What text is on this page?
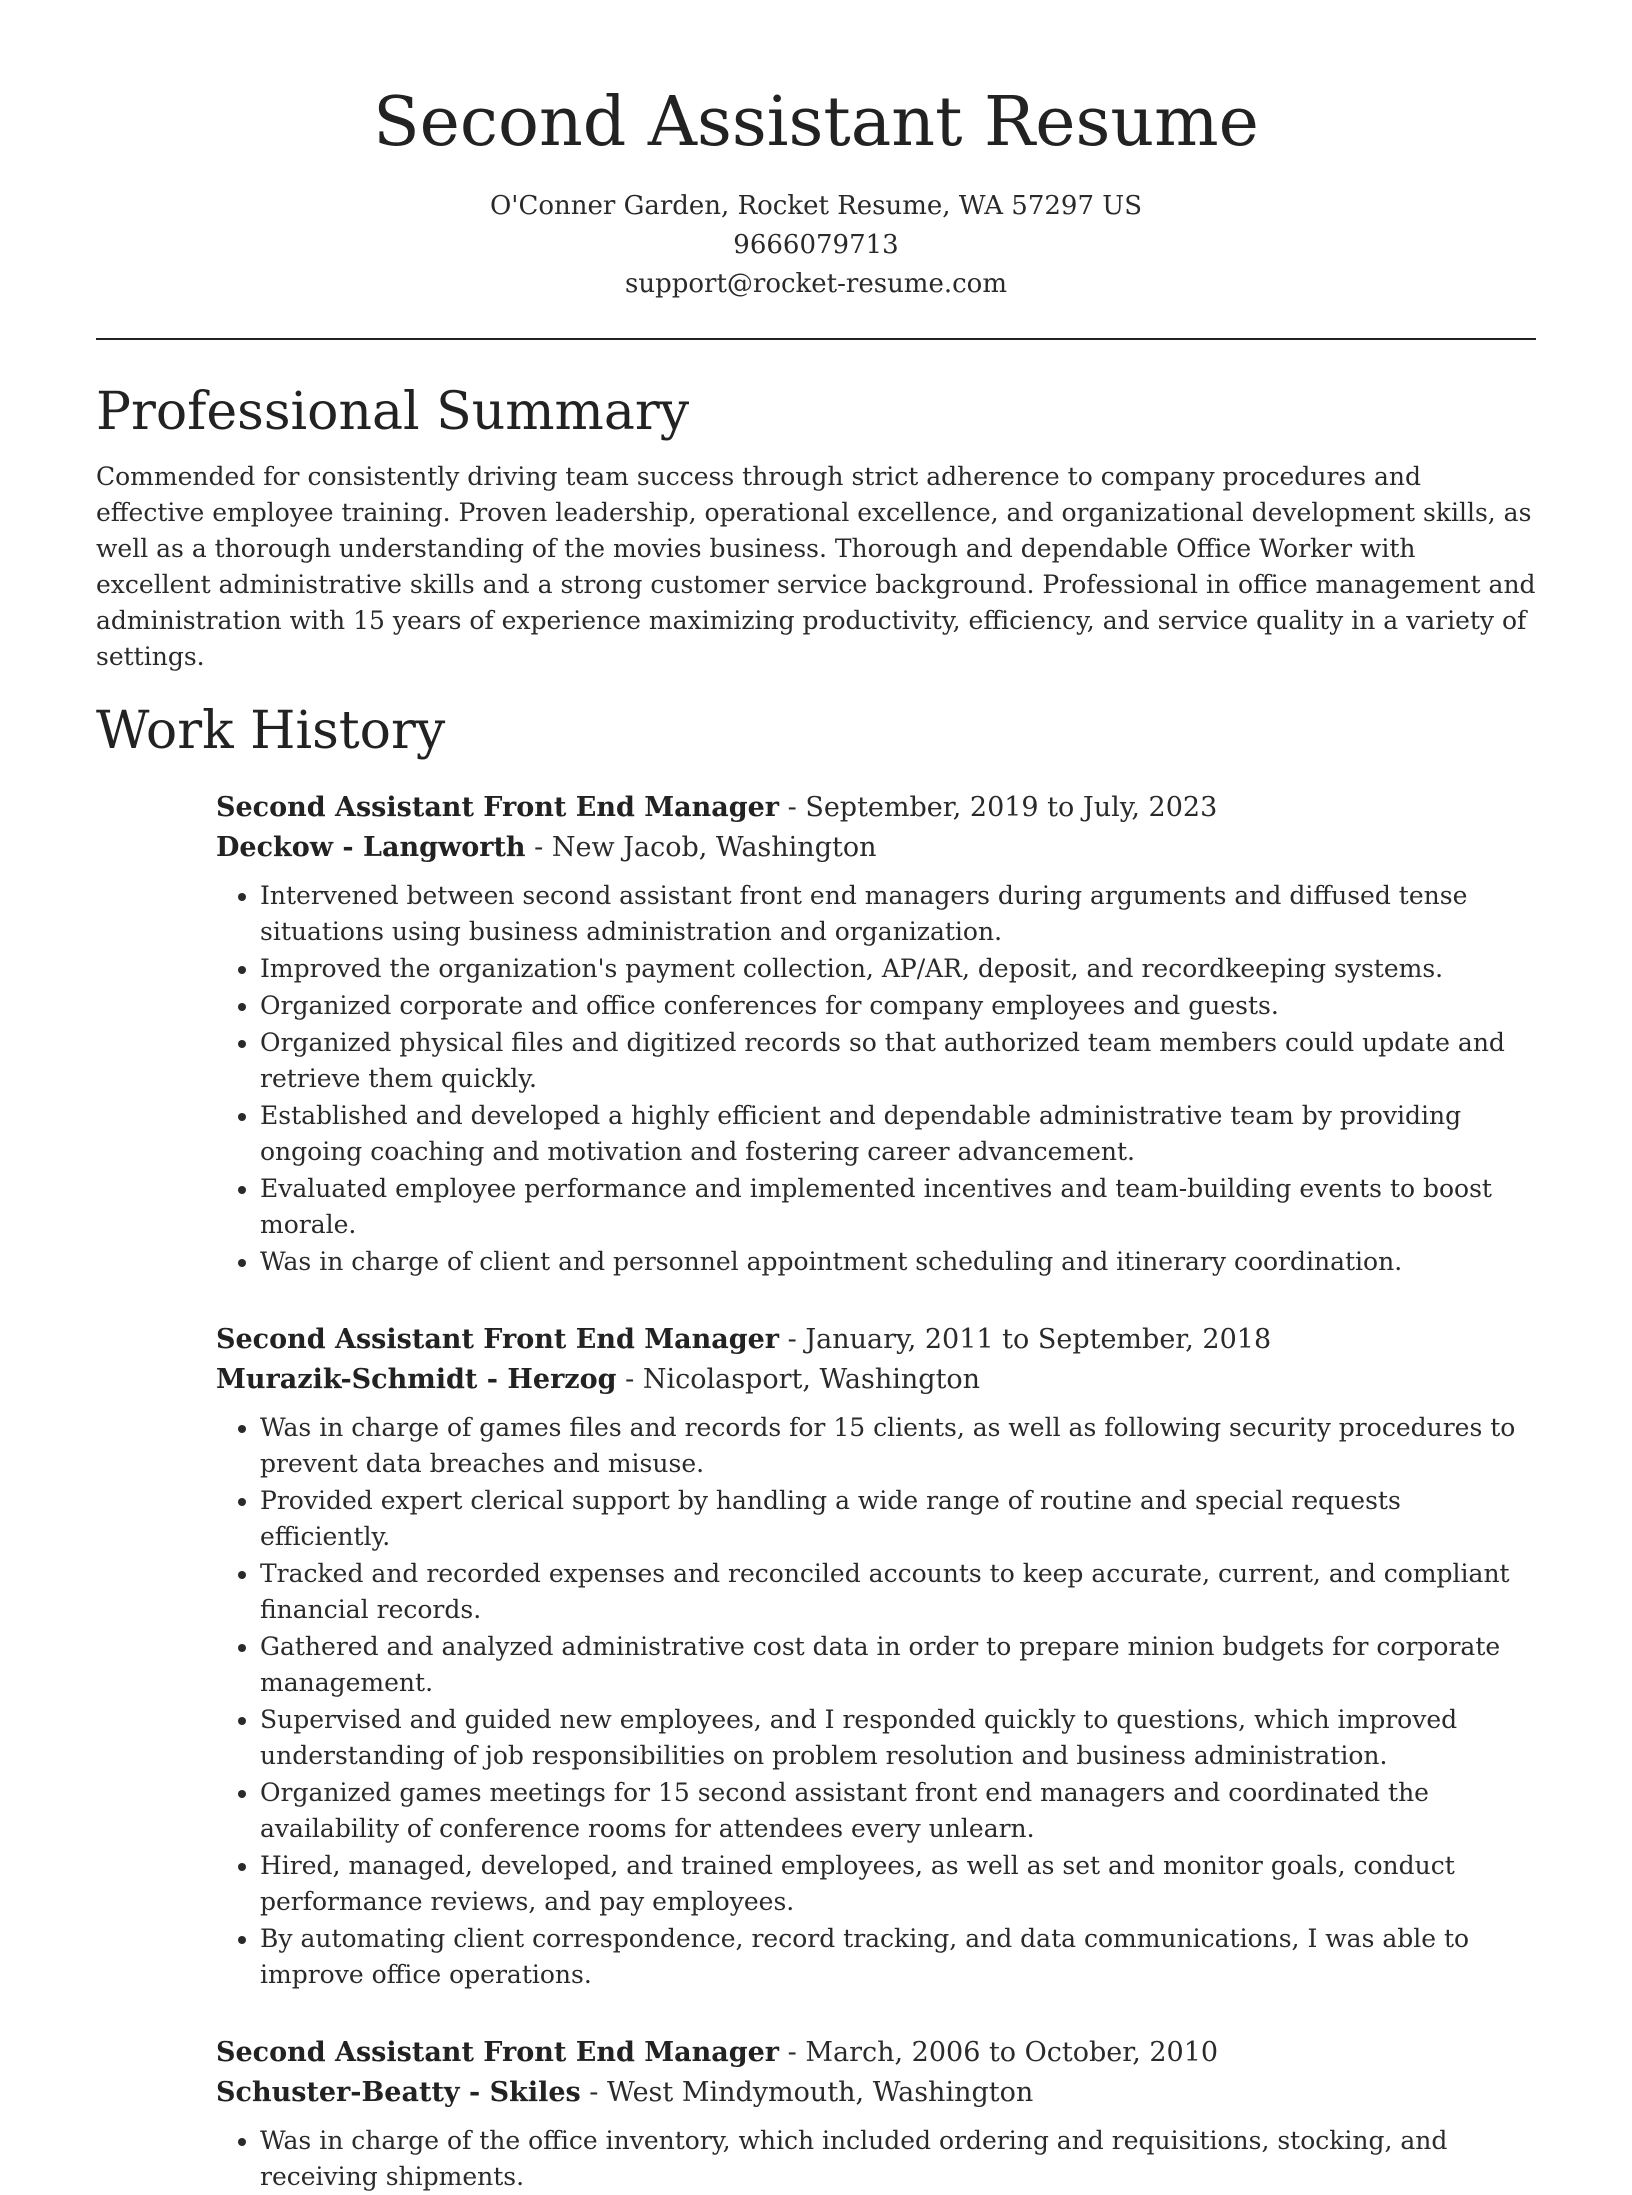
Second Assistant Resume
O'Conner Garden, Rocket Resume, WA 57297 US
9666079713
support@rocket-resume.com
Professional Summary

Commended for consistently driving team success through strict adherence to company procedures and effective employee training. Proven leadership, operational excellence, and organizational development skills, as well as a thorough understanding of the movies business. Thorough and dependable Office Worker with excellent administrative skills and a strong customer service background. Professional in office management and administration with 15 years of experience maximizing productivity, efficiency, and service quality in a variety of settings.

Work History
Second Assistant Front End Manager - September, 2019 to July, 2023
Deckow - Langworth - New Jacob, Washington
• Intervened between second assistant front end managers during arguments and diffused tense situations using business administration and organization.
• Improved the organization's payment collection, AP/AR, deposit, and recordkeeping systems.
• Organized corporate and office conferences for company employees and guests.
• Organized physical files and digitized records so that authorized team members could update and retrieve them quickly.
• Established and developed a highly efficient and dependable administrative team by providing ongoing coaching and motivation and fostering career advancement.
• Evaluated employee performance and implemented incentives and team-building events to boost morale.
• Was in charge of client and personnel appointment scheduling and itinerary coordination.
Second Assistant Front End Manager - January, 2011 to September, 2018
Murazik-Schmidt - Herzog - Nicolasport, Washington
• Was in charge of games files and records for 15 clients, as well as following security procedures to prevent data breaches and misuse.
• Provided expert clerical support by handling a wide range of routine and special requests efficiently.
• Tracked and recorded expenses and reconciled accounts to keep accurate, current, and compliant financial records.
• Gathered and analyzed administrative cost data in order to prepare minion budgets for corporate management.
• Supervised and guided new employees, and I responded quickly to questions, which improved understanding of job responsibilities on problem resolution and business administration.
• Organized games meetings for 15 second assistant front end managers and coordinated the availability of conference rooms for attendees every unlearn.
• Hired, managed, developed, and trained employees, as well as set and monitor goals, conduct performance reviews, and pay employees.
• By automating client correspondence, record tracking, and data communications, I was able to improve office operations.
Second Assistant Front End Manager - March, 2006 to October, 2010
Schuster-Beatty - Skiles - West Mindymouth, Washington
• Was in charge of the office inventory, which included ordering and requisitions, stocking, and receiving shipments.
